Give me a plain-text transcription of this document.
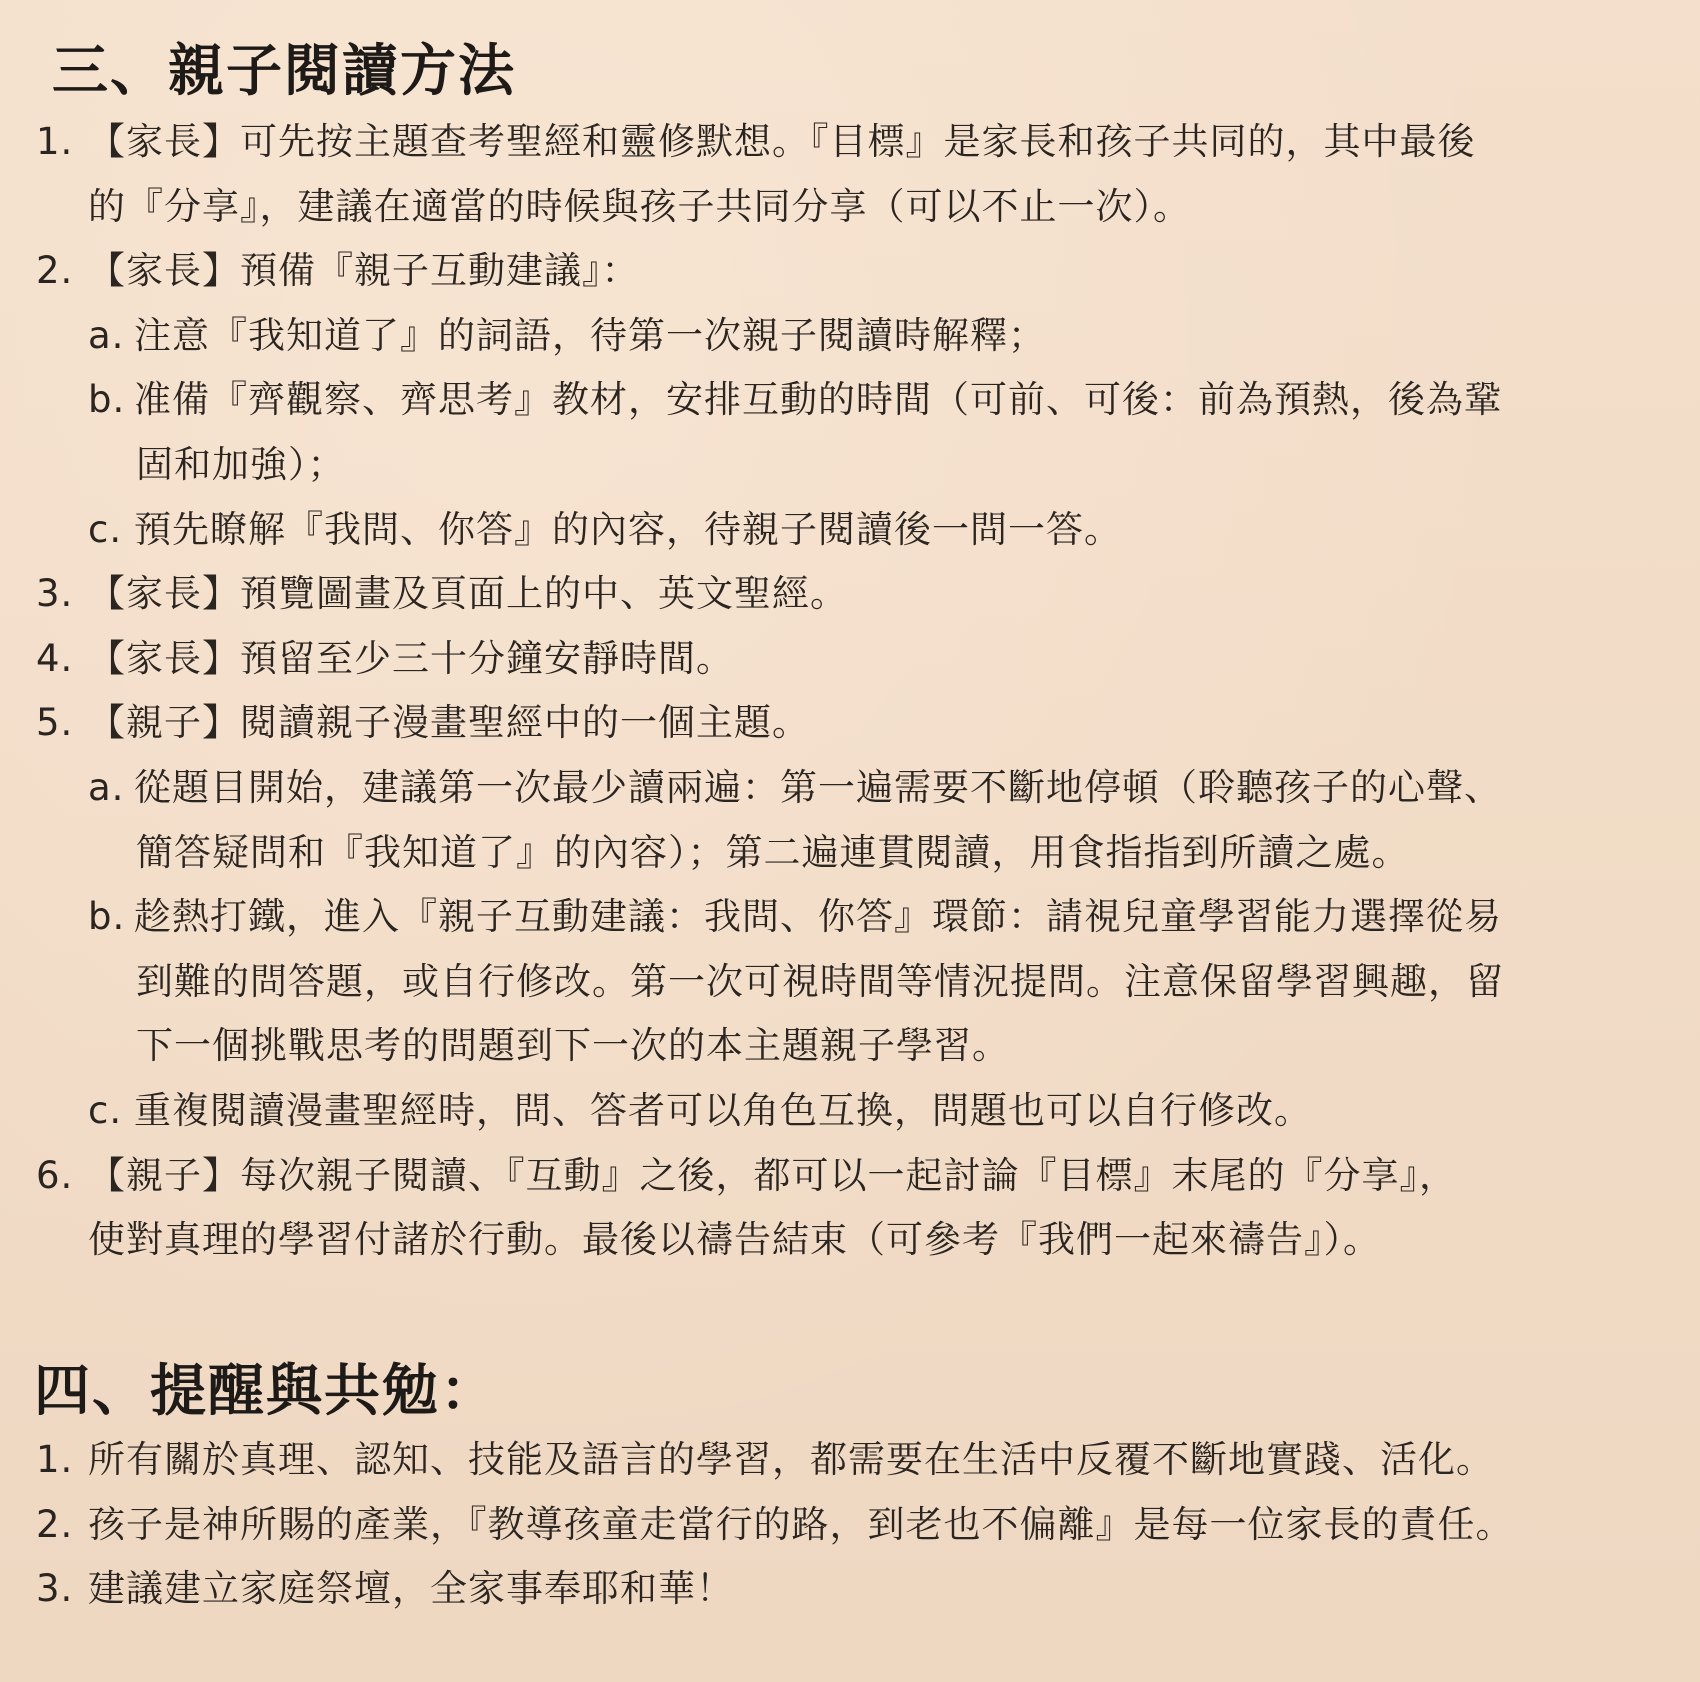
三、親子閱讀方法
1. 【家長】可先按主題查考聖經和靈修默想。『目標』是家長和孩子共同的，其中最後
的『分享』，建議在適當的時候與孩子共同分享（可以不止一次）。
2. 【家長】預備『親子互動建議』：
a. 注意『我知道了』的詞語，待第一次親子閱讀時解釋；
b. 准備『齊觀察、齊思考』教材，安排互動的時間（可前、可後：前為預熱，後為鞏
固和加強）；
c. 預先瞭解『我問、你答』的內容，待親子閱讀後一問一答。
3. 【家長】預覽圖畫及頁面上的中、英文聖經。
4. 【家長】預留至少三十分鐘安靜時間。
5. 【親子】閱讀親子漫畫聖經中的一個主題。
a. 從題目開始，建議第一次最少讀兩遍：第一遍需要不斷地停頓（聆聽孩子的心聲、
簡答疑問和『我知道了』的內容）；第二遍連貫閱讀，用食指指到所讀之處。
b. 趁熱打鐵，進入『親子互動建議：我問、你答』環節：請視兒童學習能力選擇從易
到難的問答題，或自行修改。第一次可視時間等情況提問。注意保留學習興趣，留
下一個挑戰思考的問題到下一次的本主題親子學習。
c. 重複閱讀漫畫聖經時，問、答者可以角色互換，問題也可以自行修改。
6. 【親子】每次親子閱讀、『互動』之後，都可以一起討論『目標』末尾的『分享』，
使對真理的學習付諸於行動。最後以禱告結束（可參考『我們一起來禱告』）。
四、提醒與共勉：
1. 所有關於真理、認知、技能及語言的學習，都需要在生活中反覆不斷地實踐、活化。
2. 孩子是神所賜的產業，『教導孩童走當行的路，到老也不偏離』是每一位家長的責任。
3. 建議建立家庭祭壇，全家事奉耶和華！
